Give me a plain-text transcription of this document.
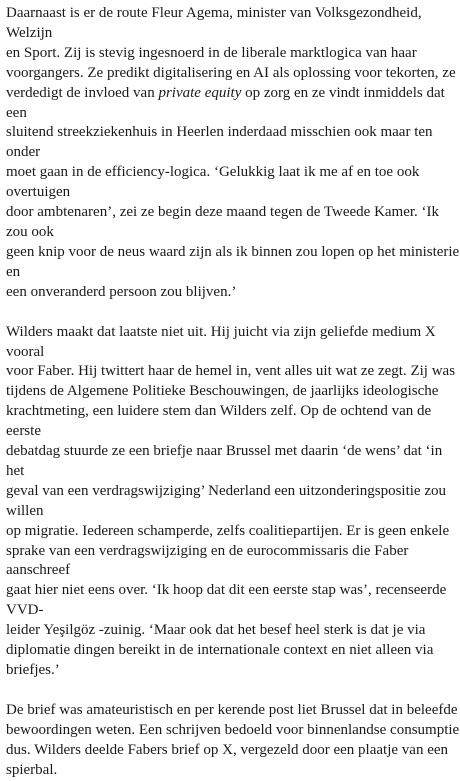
Daarnaast is er de route Fleur Agema, minister van Volksgezondheid, Welzijn
en Sport. Zij is stevig ingesnoerd in de liberale marktlogica van haar
voorgangers. Ze predikt digitalisering en AI als oplossing voor tekorten, ze
verdedigt de invloed van private equity op zorg en ze vindt inmiddels dat een
sluitend streekziekenhuis in Heerlen inderdaad misschien ook maar ten onder
moet gaan in de efficiency-logica. ‘Gelukkig laat ik me af en toe ook overtuigen
door ambtenaren’, zei ze begin deze maand tegen de Tweede Kamer. ‘Ik zou ook
geen knip voor de neus waard zijn als ik binnen zou lopen op het ministerie en
een onveranderd persoon zou blijven.’

Wilders maakt dat laatste niet uit. Hij juicht via zijn geliefde medium X vooral
voor Faber. Hij twittert haar de hemel in, vent alles uit wat ze zegt. Zij was
tijdens de Algemene Politieke Beschouwingen, de jaarlijks ideologische
krachtmeting, een luidere stem dan Wilders zelf. Op de ochtend van de eerste
debatdag stuurde ze een briefje naar Brussel met daarin ‘de wens’ dat ‘in het
geval van een verdragswijziging’ Nederland een uitzonderingspositie zou willen
op migratie. Iedereen schamperde, zelfs coalitiepartijen. Er is geen enkele
sprake van een verdragswijziging en de eurocommissaris die Faber aanschreef
gaat hier niet eens over. ‘Ik hoop dat dit een eerste stap was’, recenseerde VVD-
leider Yeşilgöz -zuinig. ‘Maar ook dat het besef heel sterk is dat je via
diplomatie dingen bereikt in de internationale context en niet alleen via
briefjes.’

De brief was amateuristisch en per kerende post liet Brussel dat in beleefde
bewoordingen weten. Een schrijven bedoeld voor binnenlandse consumptie
dus. Wilders deelde Fabers brief op X, vergezeld door een plaatje van een
spierbal.
